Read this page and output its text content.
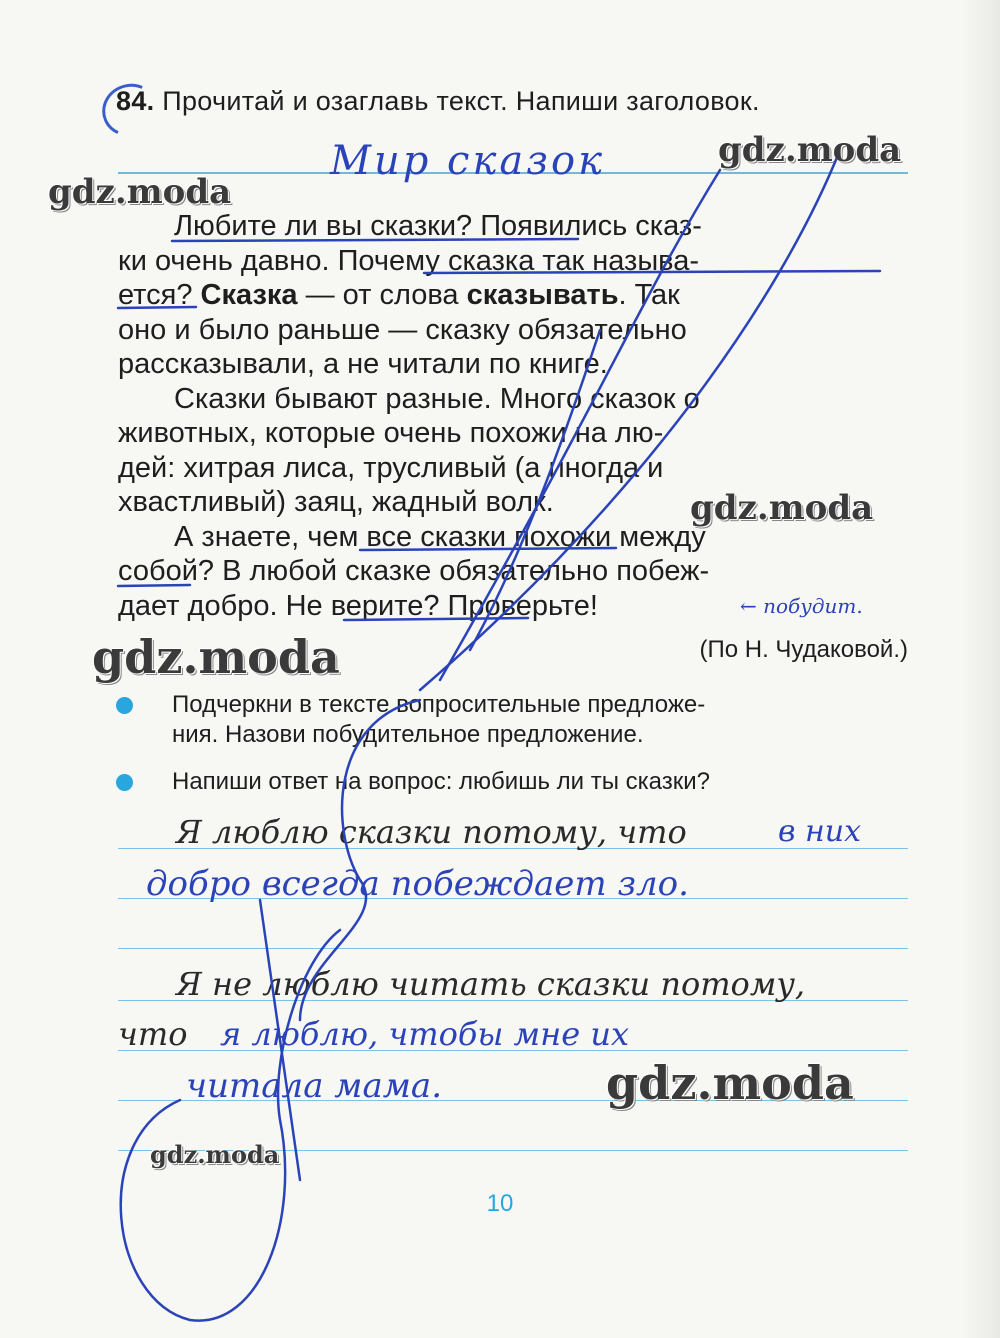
84. Прочитай и озаглавь текст. Напиши заголовок.
Мир сказок
Любите ли вы сказки? Появились сказ-
ки очень давно. Почему сказка так называ-
ется? Сказка — от слова сказывать. Так
оно и было раньше — сказку обязательно
рассказывали, а не читали по книге.
Сказки бывают разные. Много сказок о
животных, которые очень похожи на лю-
дей: хитрая лиса, трусливый (а иногда и
хвастливый) заяц, жадный волк.
А знаете, чем все сказки похожи между
собой? В любой сказке обязательно побеж-
дает добро. Не верите? Проверьте!	← побудит.
(По Н. Чудаковой.)
Подчеркни в тексте вопросительные предложе-
ния. Назови побудительное предложение.
Напиши ответ на вопрос: любишь ли ты сказки?
Я люблю сказки потому, что
Я не люблю читать сказки потому,
что
в них
добро всегда побеждает зло.
я люблю, чтобы мне их
читала мама.
gdz.moda
gdz.moda
gdz.moda
gdz.moda
gdz.moda
gdz.moda
10
